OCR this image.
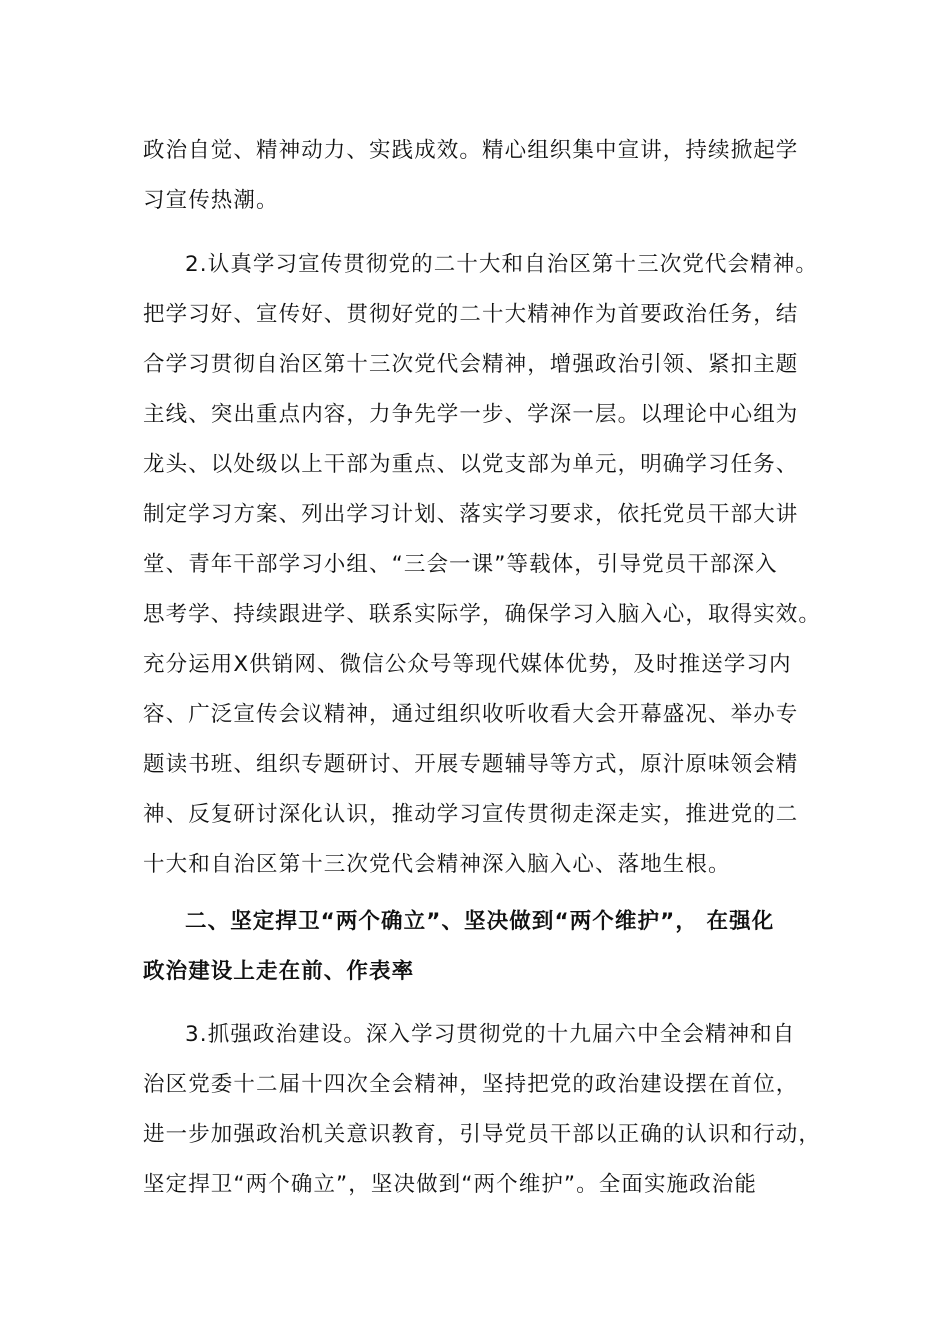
政治自觉、精神动力、实践成效。精心组织集中宣讲，持续掀起学
习宣传热潮。
2.认真学习宣传贯彻党的二十大和自治区第十三次党代会精神。
把学习好、宣传好、贯彻好党的二十大精神作为首要政治任务，结
合学习贯彻自治区第十三次党代会精神，增强政治引领、紧扣主题
主线、突出重点内容，力争先学一步、学深一层。以理论中心组为
龙头、以处级以上干部为重点、以党支部为单元，明确学习任务、
制定学习方案、列出学习计划、落实学习要求，依托党员干部大讲
堂、青年干部学习小组、“三会一课”等载体，引导党员干部深入
思考学、持续跟进学、联系实际学，确保学习入脑入心，取得实效。
充分运用X供销网、微信公众号等现代媒体优势，及时推送学习内
容、广泛宣传会议精神，通过组织收听收看大会开幕盛况、举办专
题读书班、组织专题研讨、开展专题辅导等方式，原汁原味领会精
神、反复研讨深化认识，推动学习宣传贯彻走深走实，推进党的二
十大和自治区第十三次党代会精神深入脑入心、落地生根。
二、坚定捍卫“两个确立”、坚决做到“两个维护”， 在强化
政治建设上走在前、作表率
3.抓强政治建设。深入学习贯彻党的十九届六中全会精神和自
治区党委十二届十四次全会精神，坚持把党的政治建设摆在首位，
进一步加强政治机关意识教育，引导党员干部以正确的认识和行动，
坚定捍卫“两个确立”，坚决做到“两个维护”。全面实施政治能
